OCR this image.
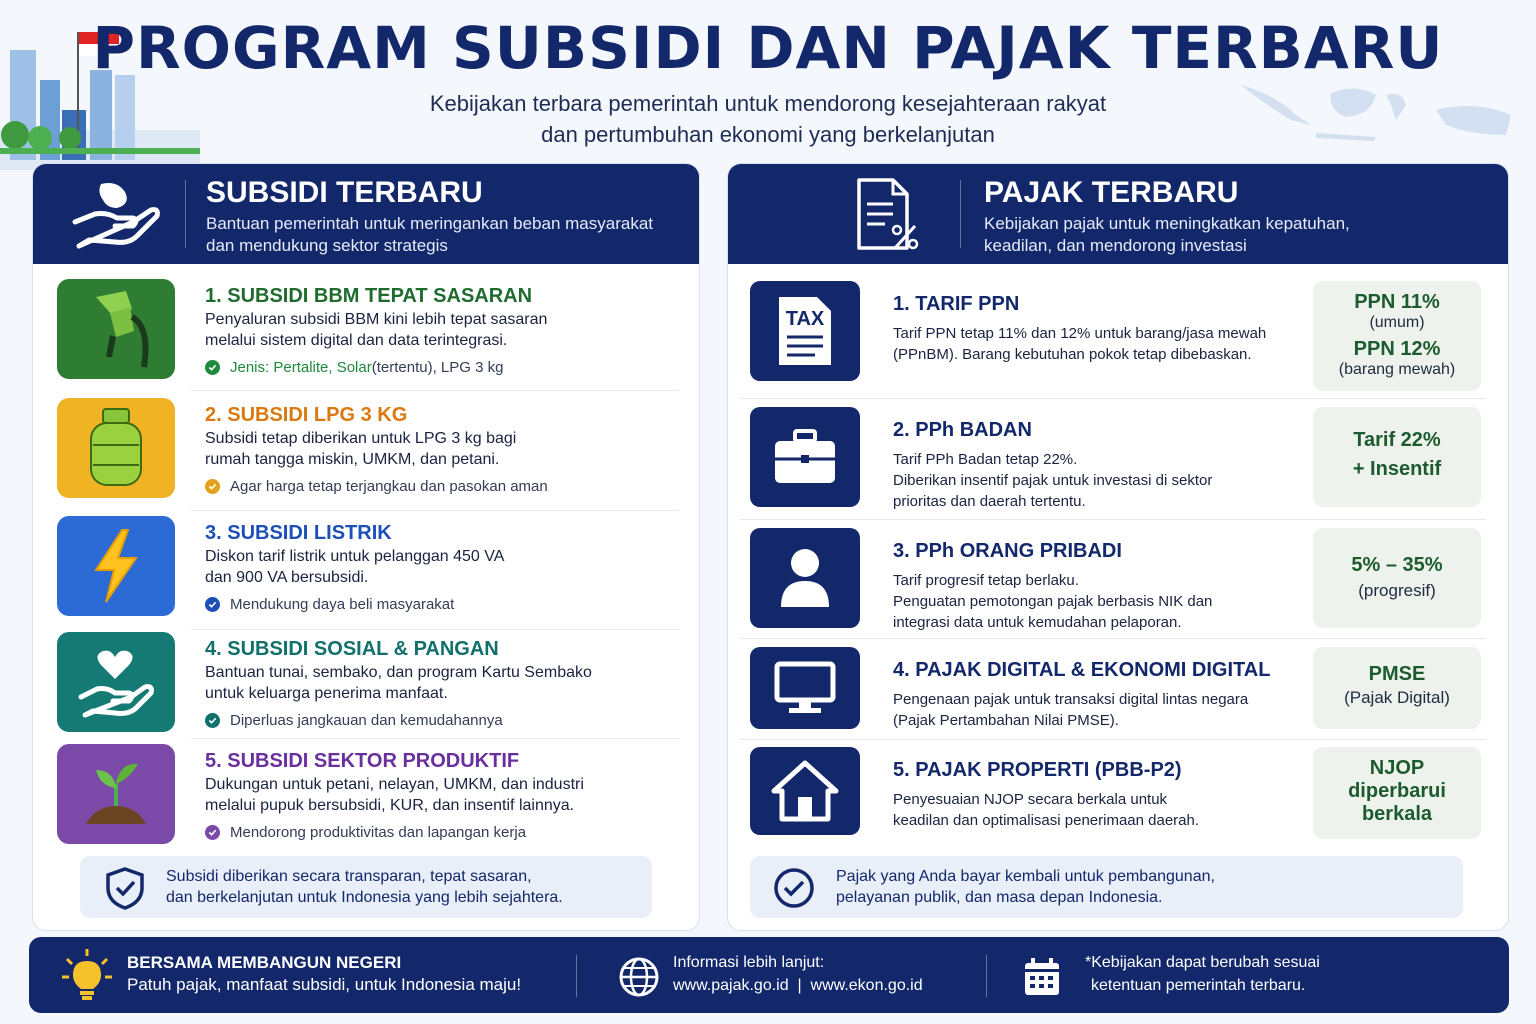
PROGRAM SUBSIDI DAN PAJAK TERBARU
Kebijakan terbara pemerintah untuk mendorong kesejahteraan rakyat
dan pertumbuhan ekonomi yang berkelanjutan
SUBSIDI TERBARU
Bantuan pemerintah untuk meringankan beban masyarakat
dan mendukung sektor strategis
1. SUBSIDI BBM TEPAT SASARAN
Penyaluran subsidi BBM kini lebih tepat sasaran
melalui sistem digital dan data terintegrasi.
Jenis: Pertalite, Solar (tertentu), LPG 3 kg
2. SUBSIDI LPG 3 KG
Subsidi tetap diberikan untuk LPG 3 kg bagi
rumah tangga miskin, UMKM, dan petani.
Agar harga tetap terjangkau dan pasokan aman
3. SUBSIDI LISTRIK
Diskon tarif listrik untuk pelanggan 450 VA
dan 900 VA bersubsidi.
Mendukung daya beli masyarakat
4. SUBSIDI SOSIAL & PANGAN
Bantuan tunai, sembako, dan program Kartu Sembako
untuk keluarga penerima manfaat.
Diperluas jangkauan dan kemudahannya
5. SUBSIDI SEKTOR PRODUKTIF
Dukungan untuk petani, nelayan, UMKM, dan industri
melalui pupuk bersubsidi, KUR, dan insentif lainnya.
Mendorong produktivitas dan lapangan kerja
Subsidi diberikan secara transparan, tepat sasaran,
dan berkelanjutan untuk Indonesia yang lebih sejahtera.
PAJAK TERBARU
Kebijakan pajak untuk meningkatkan kepatuhan,
keadilan, dan mendorong investasi
TAX
1. TARIF PPN
Tarif PPN tetap 11% dan 12% untuk barang/jasa mewah
(PPnBM). Barang kebutuhan pokok tetap dibebaskan.
PPN 11%
(umum)
PPN 12%
(barang mewah)
2. PPh BADAN
Tarif PPh Badan tetap 22%.
Diberikan insentif pajak untuk investasi di sektor
prioritas dan daerah tertentu.
Tarif 22%
+ Insentif
3. PPh ORANG PRIBADI
Tarif progresif tetap berlaku.
Penguatan pemotongan pajak berbasis NIK dan
integrasi data untuk kemudahan pelaporan.
5% – 35%
(progresif)
4. PAJAK DIGITAL & EKONOMI DIGITAL
Pengenaan pajak untuk transaksi digital lintas negara
(Pajak Pertambahan Nilai PMSE).
PMSE
(Pajak Digital)
5. PAJAK PROPERTI (PBB-P2)
Penyesuaian NJOP secara berkala untuk
keadilan dan optimalisasi penerimaan daerah.
NJOP
diperbarui
berkala
Pajak yang Anda bayar kembali untuk pembangunan,
pelayanan publik, dan masa depan Indonesia.
BERSAMA MEMBANGUN NEGERI
Patuh pajak, manfaat subsidi, untuk Indonesia maju!
Informasi lebih lanjut:
www.pajak.go.id  |  www.ekon.go.id
*Kebijakan dapat berubah sesuai
ketentuan pemerintah terbaru.
